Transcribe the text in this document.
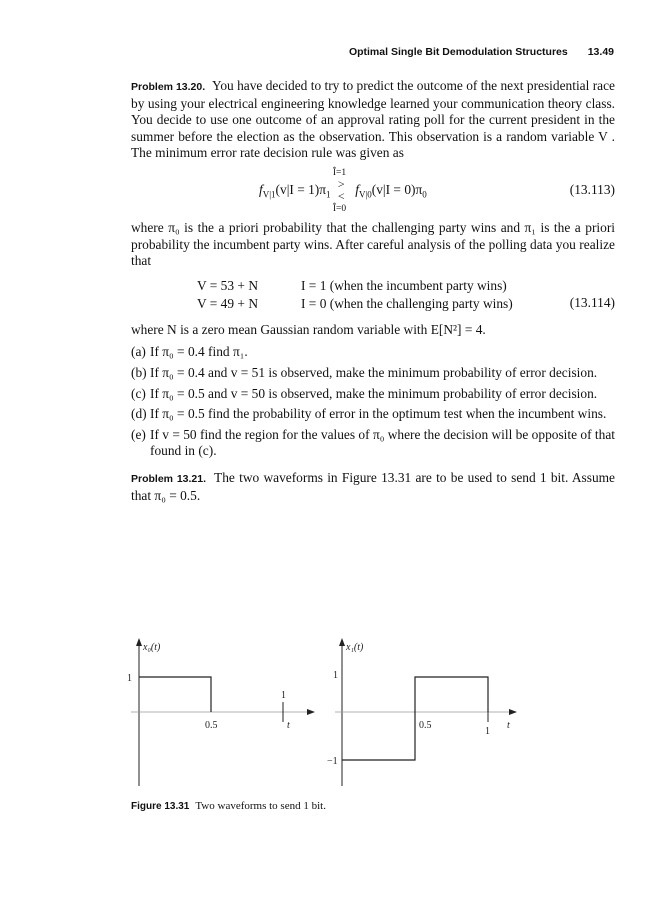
Optimal Single Bit Demodulation Structures 13.49

Problem 13.20. You have decided to try to predict the outcome of the next presidential race by using your electrical engineering knowledge learned your communication theory class. You decide to use one outcome of an approval rating poll for the current president in the summer before the election as the observation. This observation is a random variable V . The minimum error rate decision rule was given as

$f_{V|1}(v|I = 1)\pi_1$
Î=1
>
<
Î=0
$f_{V|0}(v|I = 0)\pi_0$	(13.113)

where π₀ is the a priori probability that the challenging party wins and π₁ is the a priori probability the incumbent party wins. After careful analysis of the polling data you realize that

V = 53 + N	I = 1 (when the incumbent party wins)
V = 49 + N	I = 0 (when the challenging party wins)	(13.114)

where N is a zero mean Gaussian random variable with E[N²] = 4.

(a) If π₀ = 0.4 find π₁.
(b) If π₀ = 0.4 and v = 51 is observed, make the minimum probability of error decision.
(c) If π₀ = 0.5 and v = 50 is observed, make the minimum probability of error decision.
(d) If π₀ = 0.5 find the probability of error in the optimum test when the incumbent wins.
(e) If v = 50 find the region for the values of π₀ where the decision will be opposite of that found in (c).

Problem 13.21. The two waveforms in Figure 13.31 are to be used to send 1 bit. Assume that π₀ = 0.5.

x₀(t)
1
0.5
1
t
x₁(t)
1
−1
0.5
1
t
Figure 13.31 Two waveforms to send 1 bit.
